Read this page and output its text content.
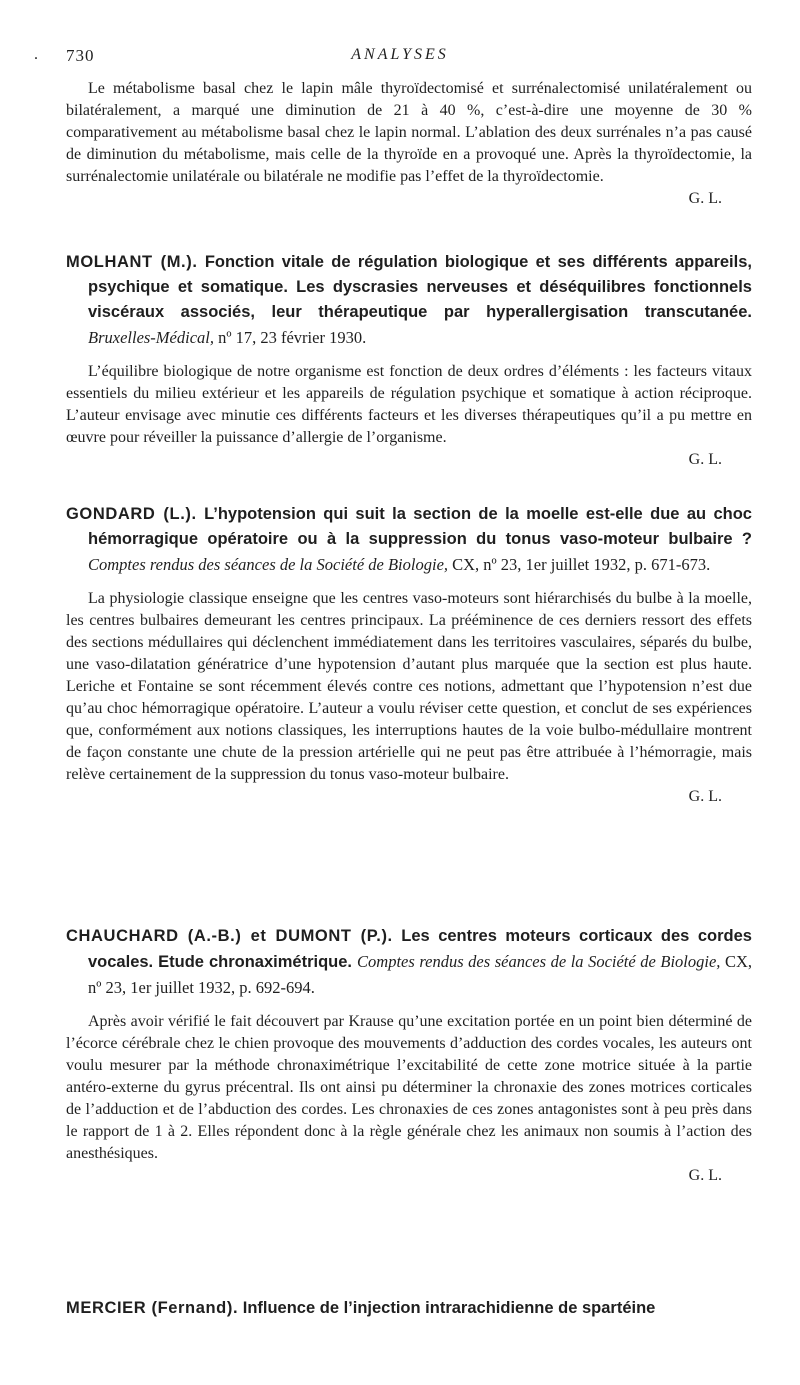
. 730	ANALYSES

Le métabolisme basal chez le lapin mâle thyroïdectomisé et surrénalectomisé unilatéralement ou bilatéralement, a marqué une diminution de 21 à 40 %, c’est-à-dire une moyenne de 30 % comparativement au métabolisme basal chez le lapin normal. L’ablation des deux surrénales n’a pas causé de diminution du métabolisme, mais celle de la thyroïde en a provoqué une. Après la thyroïdectomie, la surrénalectomie unilatérale ou bilatérale ne modifie pas l’effet de la thyroïdectomie.

G. L.

MOLHANT (M.). Fonction vitale de régulation biologique et ses différents appareils, psychique et somatique. Les dyscrasies nerveuses et déséquilibres fonctionnels viscéraux associés, leur thérapeutique par hyperallergisation transcutanée. Bruxelles-Médical, nº 17, 23 février 1930.

L’équilibre biologique de notre organisme est fonction de deux ordres d’éléments : les facteurs vitaux essentiels du milieu extérieur et les appareils de régulation psychique et somatique à action réciproque. L’auteur envisage avec minutie ces différents facteurs et les diverses thérapeutiques qu’il a pu mettre en œuvre pour réveiller la puissance d’allergie de l’organisme.

G. L.

GONDARD (L.). L’hypotension qui suit la section de la moelle est-elle due au choc hémorragique opératoire ou à la suppression du tonus vaso-moteur bulbaire ? Comptes rendus des séances de la Société de Biologie, CX, nº 23, 1er juillet 1932, p. 671-673.

La physiologie classique enseigne que les centres vaso-moteurs sont hiérarchisés du bulbe à la moelle, les centres bulbaires demeurant les centres principaux. La prééminence de ces derniers ressort des effets des sections médullaires qui déclenchent immédiatement dans les territoires vasculaires, séparés du bulbe, une vaso-dilatation génératrice d’une hypotension d’autant plus marquée que la section est plus haute. Leriche et Fontaine se sont récemment élevés contre ces notions, admettant que l’hypotension n’est due qu’au choc hémorragique opératoire. L’auteur a voulu réviser cette question, et conclut de ses expériences que, conformément aux notions classiques, les interruptions hautes de la voie bulbo-médullaire montrent de façon constante une chute de la pression artérielle qui ne peut pas être attribuée à l’hémorragie, mais relève certainement de la suppression du tonus vaso-moteur bulbaire.

G. L.

CHAUCHARD (A.-B.) et DUMONT (P.). Les centres moteurs corticaux des cordes vocales. Etude chronaximétrique. Comptes rendus des séances de la Société de Biologie, CX, nº 23, 1er juillet 1932, p. 692-694.

Après avoir vérifié le fait découvert par Krause qu’une excitation portée en un point bien déterminé de l’écorce cérébrale chez le chien provoque des mouvements d’adduction des cordes vocales, les auteurs ont voulu mesurer par la méthode chronaximétrique l’excitabilité de cette zone motrice située à la partie antéro-externe du gyrus précentral. Ils ont ainsi pu déterminer la chronaxie des zones motrices corticales de l’adduction et de l’abduction des cordes. Les chronaxies de ces zones antagonistes sont à peu près dans le rapport de 1 à 2. Elles répondent donc à la règle générale chez les animaux non soumis à l’action des anesthésiques.

G. L.

MERCIER (Fernand). Influence de l’injection intrarachidienne de spartéine
